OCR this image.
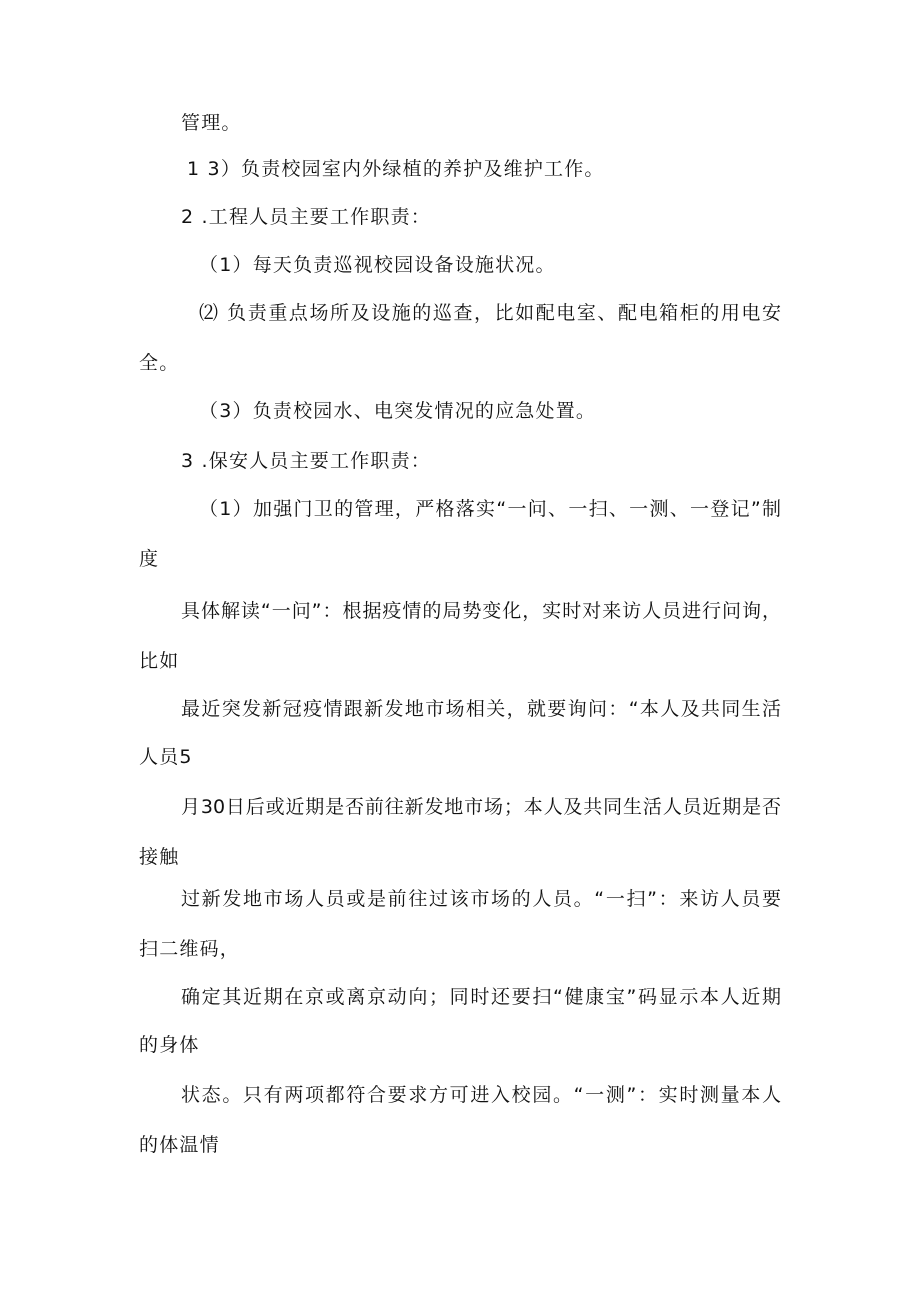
管理。
1 3）负责校园室内外绿植的养护及维护工作。
2 .工程人员主要工作职责：
（1）每天负责巡视校园设备设施状况。
⑵ 负责重点场所及设施的巡查，比如配电室、配电箱柜的用电安
全。
（3）负责校园水、电突发情况的应急处置。
3 .保安人员主要工作职责：
（1）加强门卫的管理，严格落实“一问、一扫、一测、一登记”制
度
具体解读“一问”：根据疫情的局势变化，实时对来访人员进行问询，
比如
最近突发新冠疫情跟新发地市场相关，就要询问：“本人及共同生活
人员5
月30日后或近期是否前往新发地市场；本人及共同生活人员近期是否
接触
过新发地市场人员或是前往过该市场的人员。“一扫”：来访人员要
扫二维码，
确定其近期在京或离京动向；同时还要扫“健康宝”码显示本人近期
的身体
状态。只有两项都符合要求方可进入校园。“一测”：实时测量本人
的体温情
